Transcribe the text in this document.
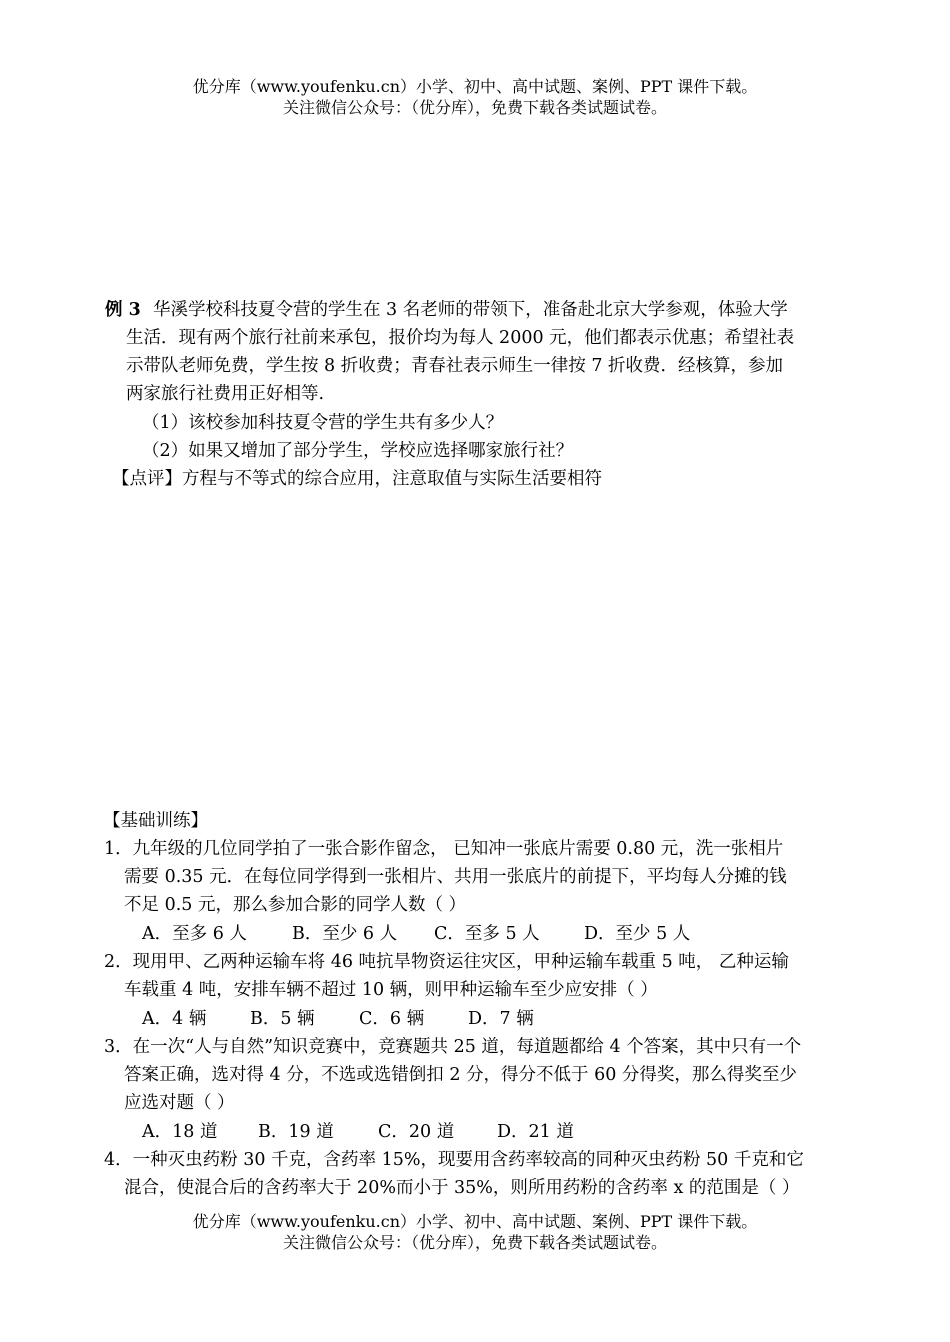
优分库（www.youfenku.cn）小学、初中、高中试题、案例、PPT 课件下载。
关注微信公众号：（优分库），免费下载各类试题试卷。
例 3 华溪学校科技夏令营的学生在 3 名老师的带领下，准备赴北京大学参观，体验大学
生活．现有两个旅行社前来承包，报价均为每人 2000 元，他们都表示优惠；希望社表
示带队老师免费，学生按 8 折收费；青春社表示师生一律按 7 折收费．经核算，参加
两家旅行社费用正好相等.
（1）该校参加科技夏令营的学生共有多少人？
（2）如果又增加了部分学生，学校应选择哪家旅行社？
【点评】方程与不等式的综合应用，注意取值与实际生活要相符
【基础训练】
1．九年级的几位同学拍了一张合影作留念， 已知冲一张底片需要 0.80 元，洗一张相片
需要 0.35 元．在每位同学得到一张相片、共用一张底片的前提下，平均每人分摊的钱
不足 0.5 元，那么参加合影的同学人数（ ）
A．至多 6 人	B．至少 6 人 C．至多 5 人	D．至少 5 人
2．现用甲、乙两种运输车将 46 吨抗旱物资运往灾区，甲种运输车载重 5 吨， 乙种运输
车载重 4 吨，安排车辆不超过 10 辆，则甲种运输车至少应安排（ ）
A．4 辆 B．5 辆	C．6 辆	D．7 辆
3．在一次“人与自然”知识竞赛中，竞赛题共 25 道，每道题都给 4 个答案，其中只有一个
答案正确，选对得 4 分，不选或选错倒扣 2 分，得分不低于 60 分得奖，那么得奖至少
应选对题（ ）
A．18 道 B．19 道	C．20 道 D．21 道
4．一种灭虫药粉 30 千克，含药率 15%，现要用含药率较高的同种灭虫药粉 50 千克和它
混合，使混合后的含药率大于 20%而小于 35%，则所用药粉的含药率 x 的范围是（ ）
优分库（www.youfenku.cn）小学、初中、高中试题、案例、PPT 课件下载。
关注微信公众号：（优分库），免费下载各类试题试卷。
